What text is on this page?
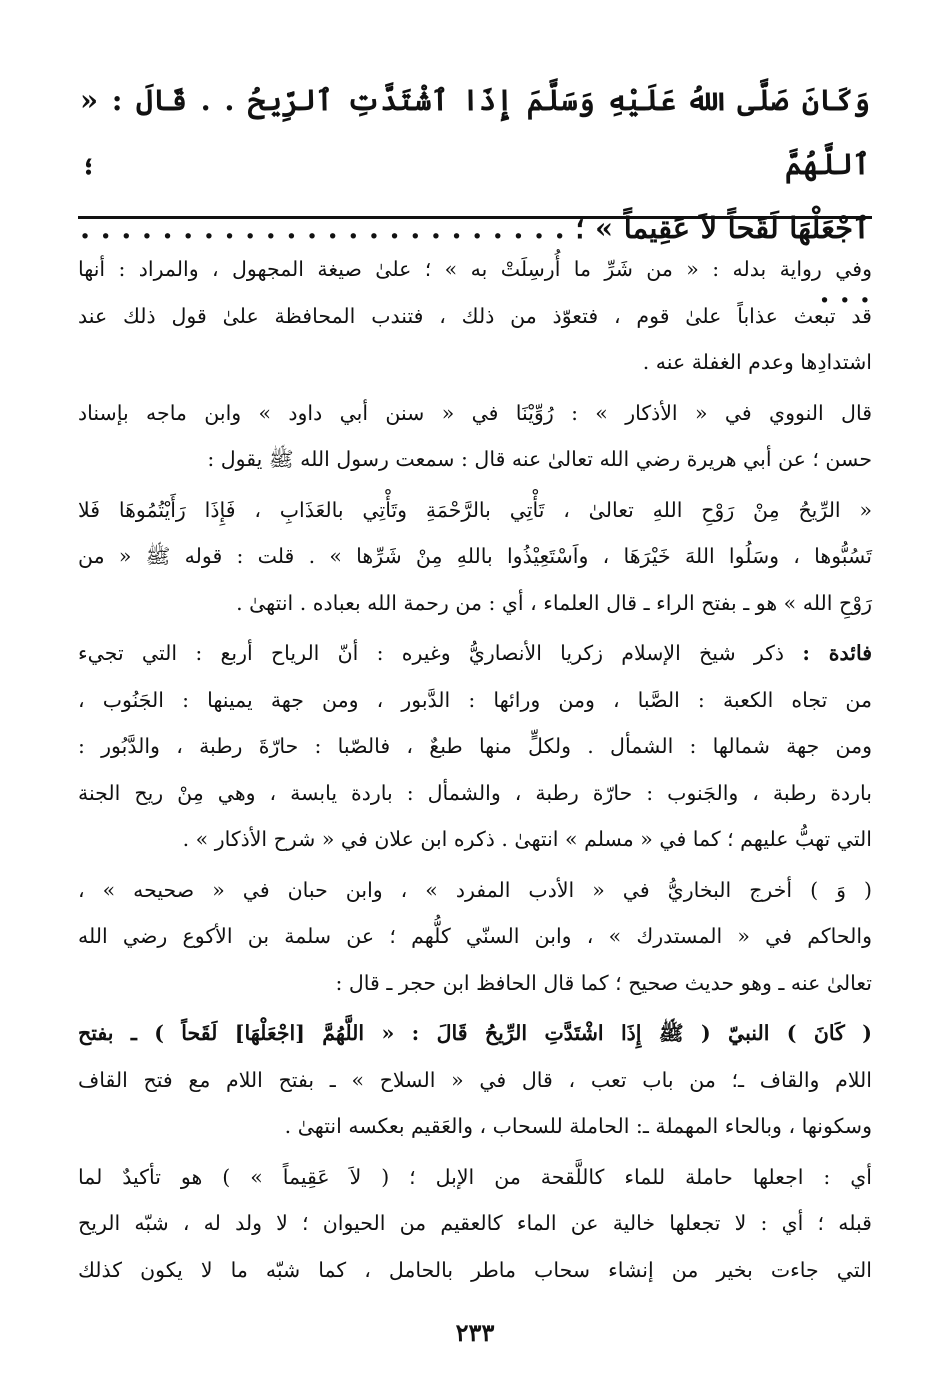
وَكَانَ صَلَّى اللهُ عَلَيْهِ وَسَلَّمَ إِذَا ٱشْتَدَّتِ ٱلرِّيحُ . . قَالَ : « ٱللَّهُمَّ ؛

ٱجْعَلْهَا لَقَحاً لاَ عَقِيماً » ؛ . . . . . . . . . . . . . . . . . . . . . . . . . . .

وفي رواية بدله : « من شَرِّ ما أُرسِلَتْ به » ؛ علىٰ صيغة المجهول ، والمراد : أنها
قد تبعث عذاباً علىٰ قوم ، فتعوّذ من ذلك ، فتندب المحافظة علىٰ قول ذلك عند
اشتدادِها وعدم الغفلة عنه .
قال النووي في « الأذكار » : رُوِّيْنَا في « سنن أبي داود » وابن ماجه بإسناد
حسن ؛ عن أبي هريرة رضي الله تعالىٰ عنه قال : سمعت رسول الله ﷺ يقول :
« الرِّيحُ مِنْ رَوْحِ اللهِ تعالىٰ ، تَأْتِي بالرَّحْمَةِ وتَأْتِي بالعَذَابِ ، فَإِذَا رَأَيْتُمُوهَا فَلا
تَسُبُّوها ، وسَلُوا اللهَ خَيْرَهَا ، واَسْتَعِيْذُوا باللهِ مِنْ شَرِّها » . قلت : قوله ﷺ « من
رَوْحِ الله » هو ـ بفتح الراء ـ قال العلماء ، أي : من رحمة الله بعباده . انتهىٰ .
فائدة : ذكر شيخ الإسلام زكريا الأنصاريُّ وغيره : أنّ الرياح أربع : التي تجيء
من تجاه الكعبة : الصَّبا ، ومن ورائها : الدَّبور ، ومن جهة يمينها : الجَنُوب ،
ومن جهة شمالها : الشمأل . ولكلٍّ منها طبعٌ ، فالصّبا : حارّةَ رطبة ، والدَّبُور :
باردة رطبة ، والجَنوب : حارّة رطبة ، والشمأل : باردة يابسة ، وهي مِنْ ريح الجنة
التي تهبُّ عليهم ؛ كما في « مسلم » انتهىٰ . ذكره ابن علان في « شرح الأذكار » .
( وَ ) أخرج البخاريُّ في « الأدب المفرد » ، وابن حبان في « صحيحه » ،
والحاكم في « المستدرك » ، وابن السنّي كلُّهم ؛ عن سلمة بن الأكوع رضي الله
تعالىٰ عنه ـ وهو حديث صحيح ؛ كما قال الحافظ ابن حجر ـ قال :
( كَانَ ) النبيّ ( ﷺ إِذَا اشْتَدَّتِ الرِّيحُ قَالَ : « اللَّهُمَّ [اجْعَلْهَا] لَقَحاً ) ـ بفتح
اللام والقاف ـ؛ من باب تعب ، قال في « السلاح » ـ بفتح اللام مع فتح القاف
وسكونها ، وبالحاء المهملة ـ: الحاملة للسحاب ، والعَقيم بعكسه انتهىٰ .
أي : اجعلها حاملة للماء كاللَّقحة من الإبل ؛ ( لاَ عَقِيماً » ) هو تأكيدٌ لما
قبله ؛ أي : لا تجعلها خالية عن الماء كالعقيم من الحيوان ؛ لا ولد له ، شبّه الريح
التي جاءت بخير من إنشاء سحاب ماطر بالحامل ، كما شبّه ما لا يكون كذلك
٢٣٣
